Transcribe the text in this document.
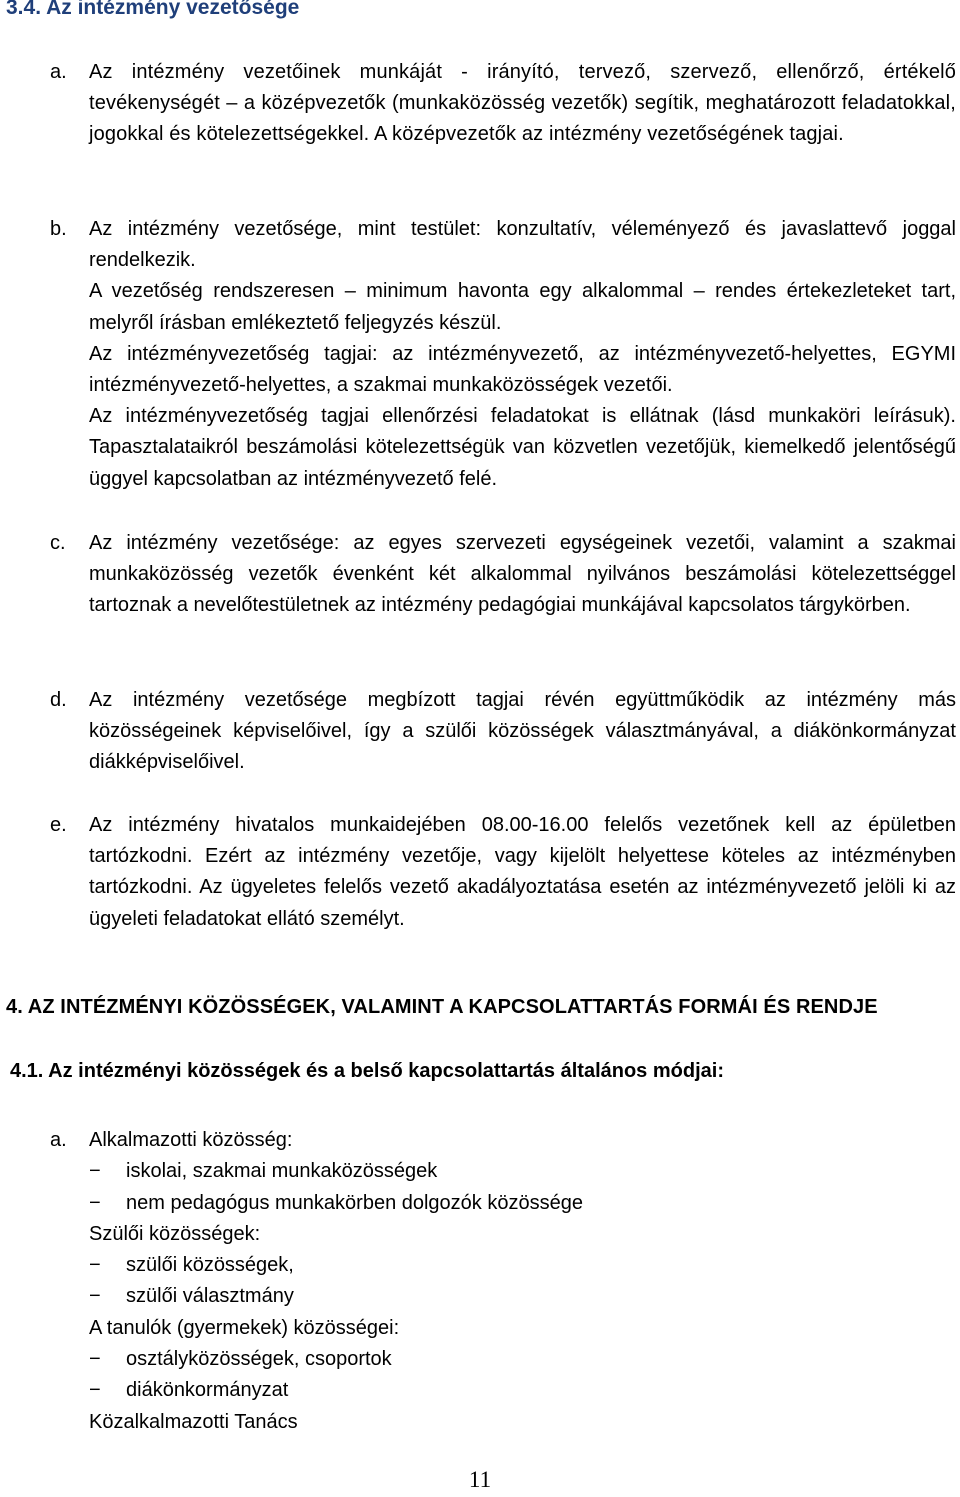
3.4. Az intézmény vezetősége
a. Az intézmény vezetőinek munkáját - irányító, tervező, szervező, ellenőrző, értékelő tevékenységét – a középvezetők (munkaközösség vezetők) segítik, meghatározott feladatokkal, jogokkal és kötelezettségekkel. A középvezetők az intézmény vezetőségének tagjai.

b. Az intézmény vezetősége, mint testület: konzultatív, véleményező és javaslattevő joggal rendelkezik.

A vezetőség rendszeresen – minimum havonta egy alkalommal – rendes értekezleteket tart, melyről írásban emlékeztető feljegyzés készül.

Az intézményvezetőség tagjai: az intézményvezető, az intézményvezető-helyettes, EGYMI intézményvezető-helyettes, a szakmai munkaközösségek vezetői.

Az intézményvezetőség tagjai ellenőrzési feladatokat is ellátnak (lásd munkaköri leírásuk). Tapasztalataikról beszámolási kötelezettségük van közvetlen vezetőjük, kiemelkedő jelentőségű üggyel kapcsolatban az intézményvezető felé.

c. Az intézmény vezetősége: az egyes szervezeti egységeinek vezetői, valamint a szakmai munkaközösség vezetők évenként két alkalommal nyilvános beszámolási kötelezettséggel tartoznak a nevelőtestületnek az intézmény pedagógiai munkájával kapcsolatos tárgykörben.

d. Az intézmény vezetősége megbízott tagjai révén együttműködik az intézmény más közösségeinek képviselőivel, így a szülői közösségek választmányával, a diákönkormányzat diákképviselőivel.

e. Az intézmény hivatalos munkaidejében 08.00-16.00 felelős vezetőnek kell az épületben tartózkodni. Ezért az intézmény vezetője, vagy kijelölt helyettese köteles az intézményben tartózkodni. Az ügyeletes felelős vezető akadályoztatása esetén az intézményvezető jelöli ki az ügyeleti feladatokat ellátó személyt.

4. AZ INTÉZMÉNYI KÖZÖSSÉGEK, VALAMINT A KAPCSOLATTARTÁS FORMÁI ÉS RENDJE
4.1. Az intézményi közösségek és a belső kapcsolattartás általános módjai:
a. Alkalmazotti közösség:
− iskolai, szakmai munkaközösségek
− nem pedagógus munkakörben dolgozók közössége
Szülői közösségek:
− szülői közösségek,
− szülői választmány
A tanulók (gyermekek) közösségei:
− osztályközösségek, csoportok
− diákönkormányzat
Közalkalmazotti Tanács
11
